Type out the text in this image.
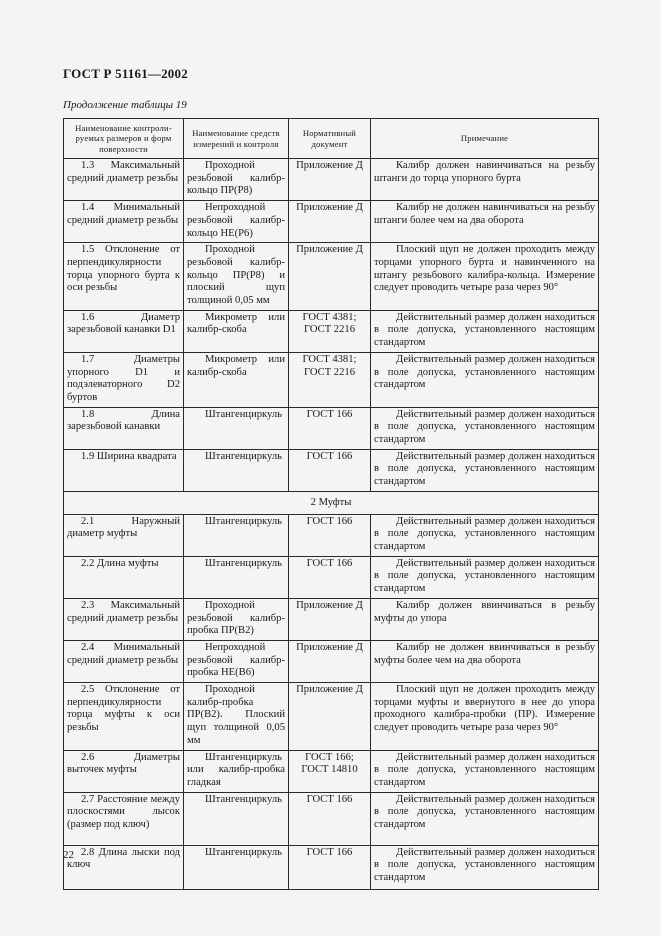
ГОСТ Р 51161—2002
Продолжение таблицы 19
Наименование контроли-руемых размеров и форм поверхности	Наименование средств измерений и контроля	Нормативный документ	Примечание
1.3 Максимальный средний диаметр резьбы	Проходной резьбовой калибр-кольцо ПР(Р8)	Приложение Д	Калибр должен навинчиваться на резьбу штанги до торца упорного бурта
1.4 Минимальный средний диаметр резьбы	Непроходной резьбовой калибр-кольцо НЕ(Р6)	Приложение Д	Калибр не должен навинчиваться на резьбу штанги более чем на два оборота
1.5 Отклонение от перпендикулярности торца упорного бурта к оси резьбы	Проходной резьбовой калибр-кольцо ПР(Р8) и плоский щуп толщиной 0,05 мм	Приложение Д	Плоский щуп не должен проходить между торцами упорного бурта и навинченного на штангу резьбового калибра-кольца. Измерение следует проводить четыре раза через 90°
1.6 Диаметр зарезьбовой канавки D1	Микрометр или калибр-скоба	ГОСТ 4381; ГОСТ 2216	Действительный размер должен находиться в поле допуска, установленного настоящим стандартом
1.7 Диаметры упорного D1 и подэлеваторного D2 буртов	Микрометр или калибр-скоба	ГОСТ 4381; ГОСТ 2216	Действительный размер должен находиться в поле допуска, установленного настоящим стандартом
1.8 Длина зарезьбовой канавки	Штангенциркуль	ГОСТ 166	Действительный размер должен находиться в поле допуска, установленного настоящим стандартом
1.9 Ширина квадрата	Штангенциркуль	ГОСТ 166	Действительный размер должен находиться в поле допуска, установленного настоящим стандартом
2 Муфты			
2.1 Наружный диаметр муфты	Штангенциркуль	ГОСТ 166	Действительный размер должен находиться в поле допуска, установленного настоящим стандартом
2.2 Длина муфты	Штангенциркуль	ГОСТ 166	Действительный размер должен находиться в поле допуска, установленного настоящим стандартом
2.3 Максимальный средний диаметр резьбы	Проходной резьбовой калибр-пробка ПР(В2)	Приложение Д	Калибр должен ввинчиваться в резьбу муфты до упора
2.4 Минимальный средний диаметр резьбы	Непроходной резьбовой калибр-пробка НЕ(В6)	Приложение Д	Калибр не должен ввинчиваться в резьбу муфты более чем на два оборота
2.5 Отклонение от перпендикулярности торца муфты к оси резьбы	Проходной калибр-пробка ПР(В2). Плоский щуп толщиной 0,05 мм	Приложение Д	Плоский щуп не должен проходить между торцами муфты и ввернутого в нее до упора проходного калибра-пробки (ПР). Измерение следует проводить четыре раза через 90°
2.6 Диаметры выточек муфты	Штангенциркуль или калибр-пробка гладкая	ГОСТ 166; ГОСТ 14810	Действительный размер должен находиться в поле допуска, установленного настоящим стандартом
2.7 Расстояние между плоскостями лысок (размер под ключ)	Штангенциркуль	ГОСТ 166	Действительный размер должен находиться в поле допуска, установленного настоящим стандартом
2.8 Длина лыски под ключ	Штангенциркуль	ГОСТ 166	Действительный размер должен находиться в поле допуска, установленного настоящим стандартом
22
